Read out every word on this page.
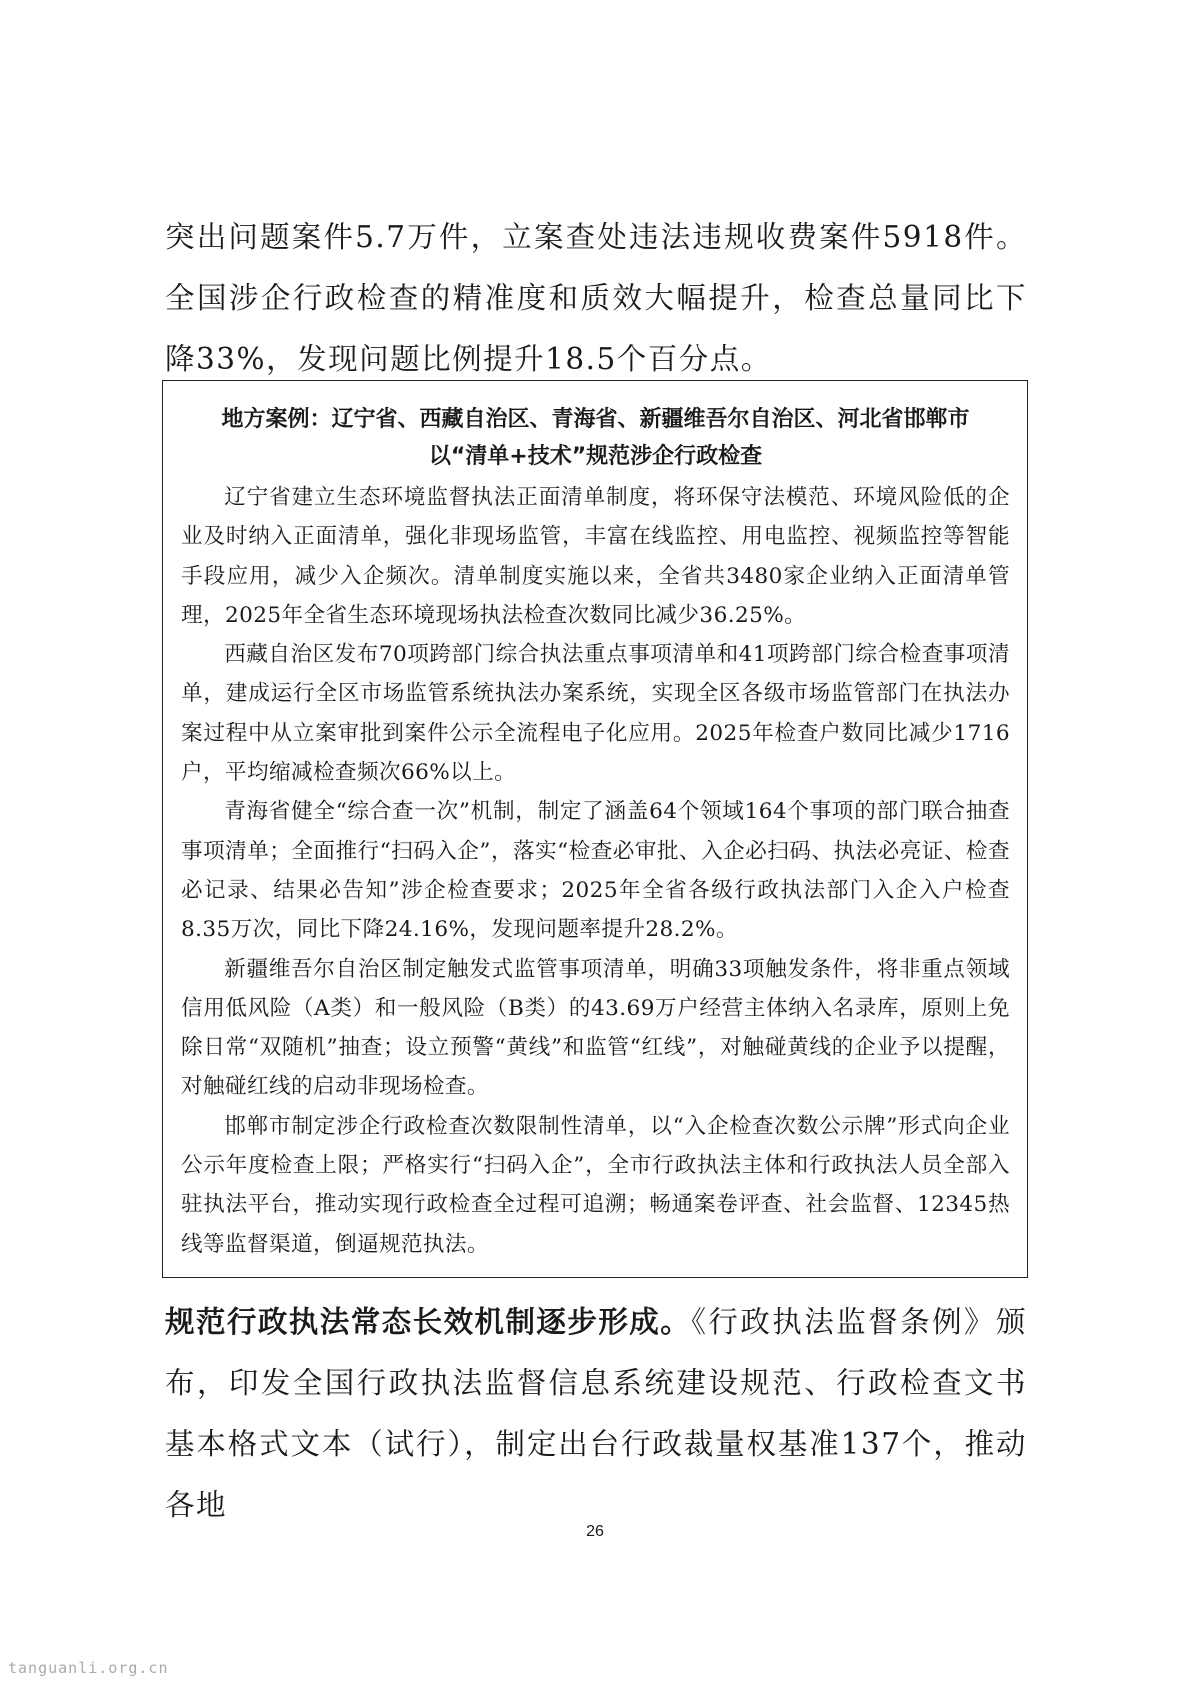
突出问题案件5.7万件，立案查处违法违规收费案件5918件。全国涉企行政检查的精准度和质效大幅提升，检查总量同比下降33%，发现问题比例提升18.5个百分点。
地方案例：辽宁省、西藏自治区、青海省、新疆维吾尔自治区、河北省邯郸市
以“清单+技术”规范涉企行政检查

辽宁省建立生态环境监督执法正面清单制度，将环保守法模范、环境风险低的企业及时纳入正面清单，强化非现场监管，丰富在线监控、用电监控、视频监控等智能手段应用，减少入企频次。清单制度实施以来，全省共3480家企业纳入正面清单管理，2025年全省生态环境现场执法检查次数同比减少36.25%。

西藏自治区发布70项跨部门综合执法重点事项清单和41项跨部门综合检查事项清单，建成运行全区市场监管系统执法办案系统，实现全区各级市场监管部门在执法办案过程中从立案审批到案件公示全流程电子化应用。2025年检查户数同比减少1716户，平均缩减检查频次66%以上。

青海省健全“综合查一次”机制，制定了涵盖64个领域164个事项的部门联合抽查事项清单；全面推行“扫码入企”，落实“检查必审批、入企必扫码、执法必亮证、检查必记录、结果必告知”涉企检查要求；2025年全省各级行政执法部门入企入户检查8.35万次，同比下降24.16%，发现问题率提升28.2%。

新疆维吾尔自治区制定触发式监管事项清单，明确33项触发条件，将非重点领域信用低风险（A类）和一般风险（B类）的43.69万户经营主体纳入名录库，原则上免除日常“双随机”抽查；设立预警“黄线”和监管“红线”，对触碰黄线的企业予以提醒，对触碰红线的启动非现场检查。

邯郸市制定涉企行政检查次数限制性清单，以“入企检查次数公示牌”形式向企业公示年度检查上限；严格实行“扫码入企”，全市行政执法主体和行政执法人员全部入驻执法平台，推动实现行政检查全过程可追溯；畅通案卷评查、社会监督、12345热线等监督渠道，倒逼规范执法。

规范行政执法常态长效机制逐步形成。《行政执法监督条例》颁布，印发全国行政执法监督信息系统建设规范、行政检查文书基本格式文本（试行），制定出台行政裁量权基准137个，推动各地
26
tanguanli.org.cn
